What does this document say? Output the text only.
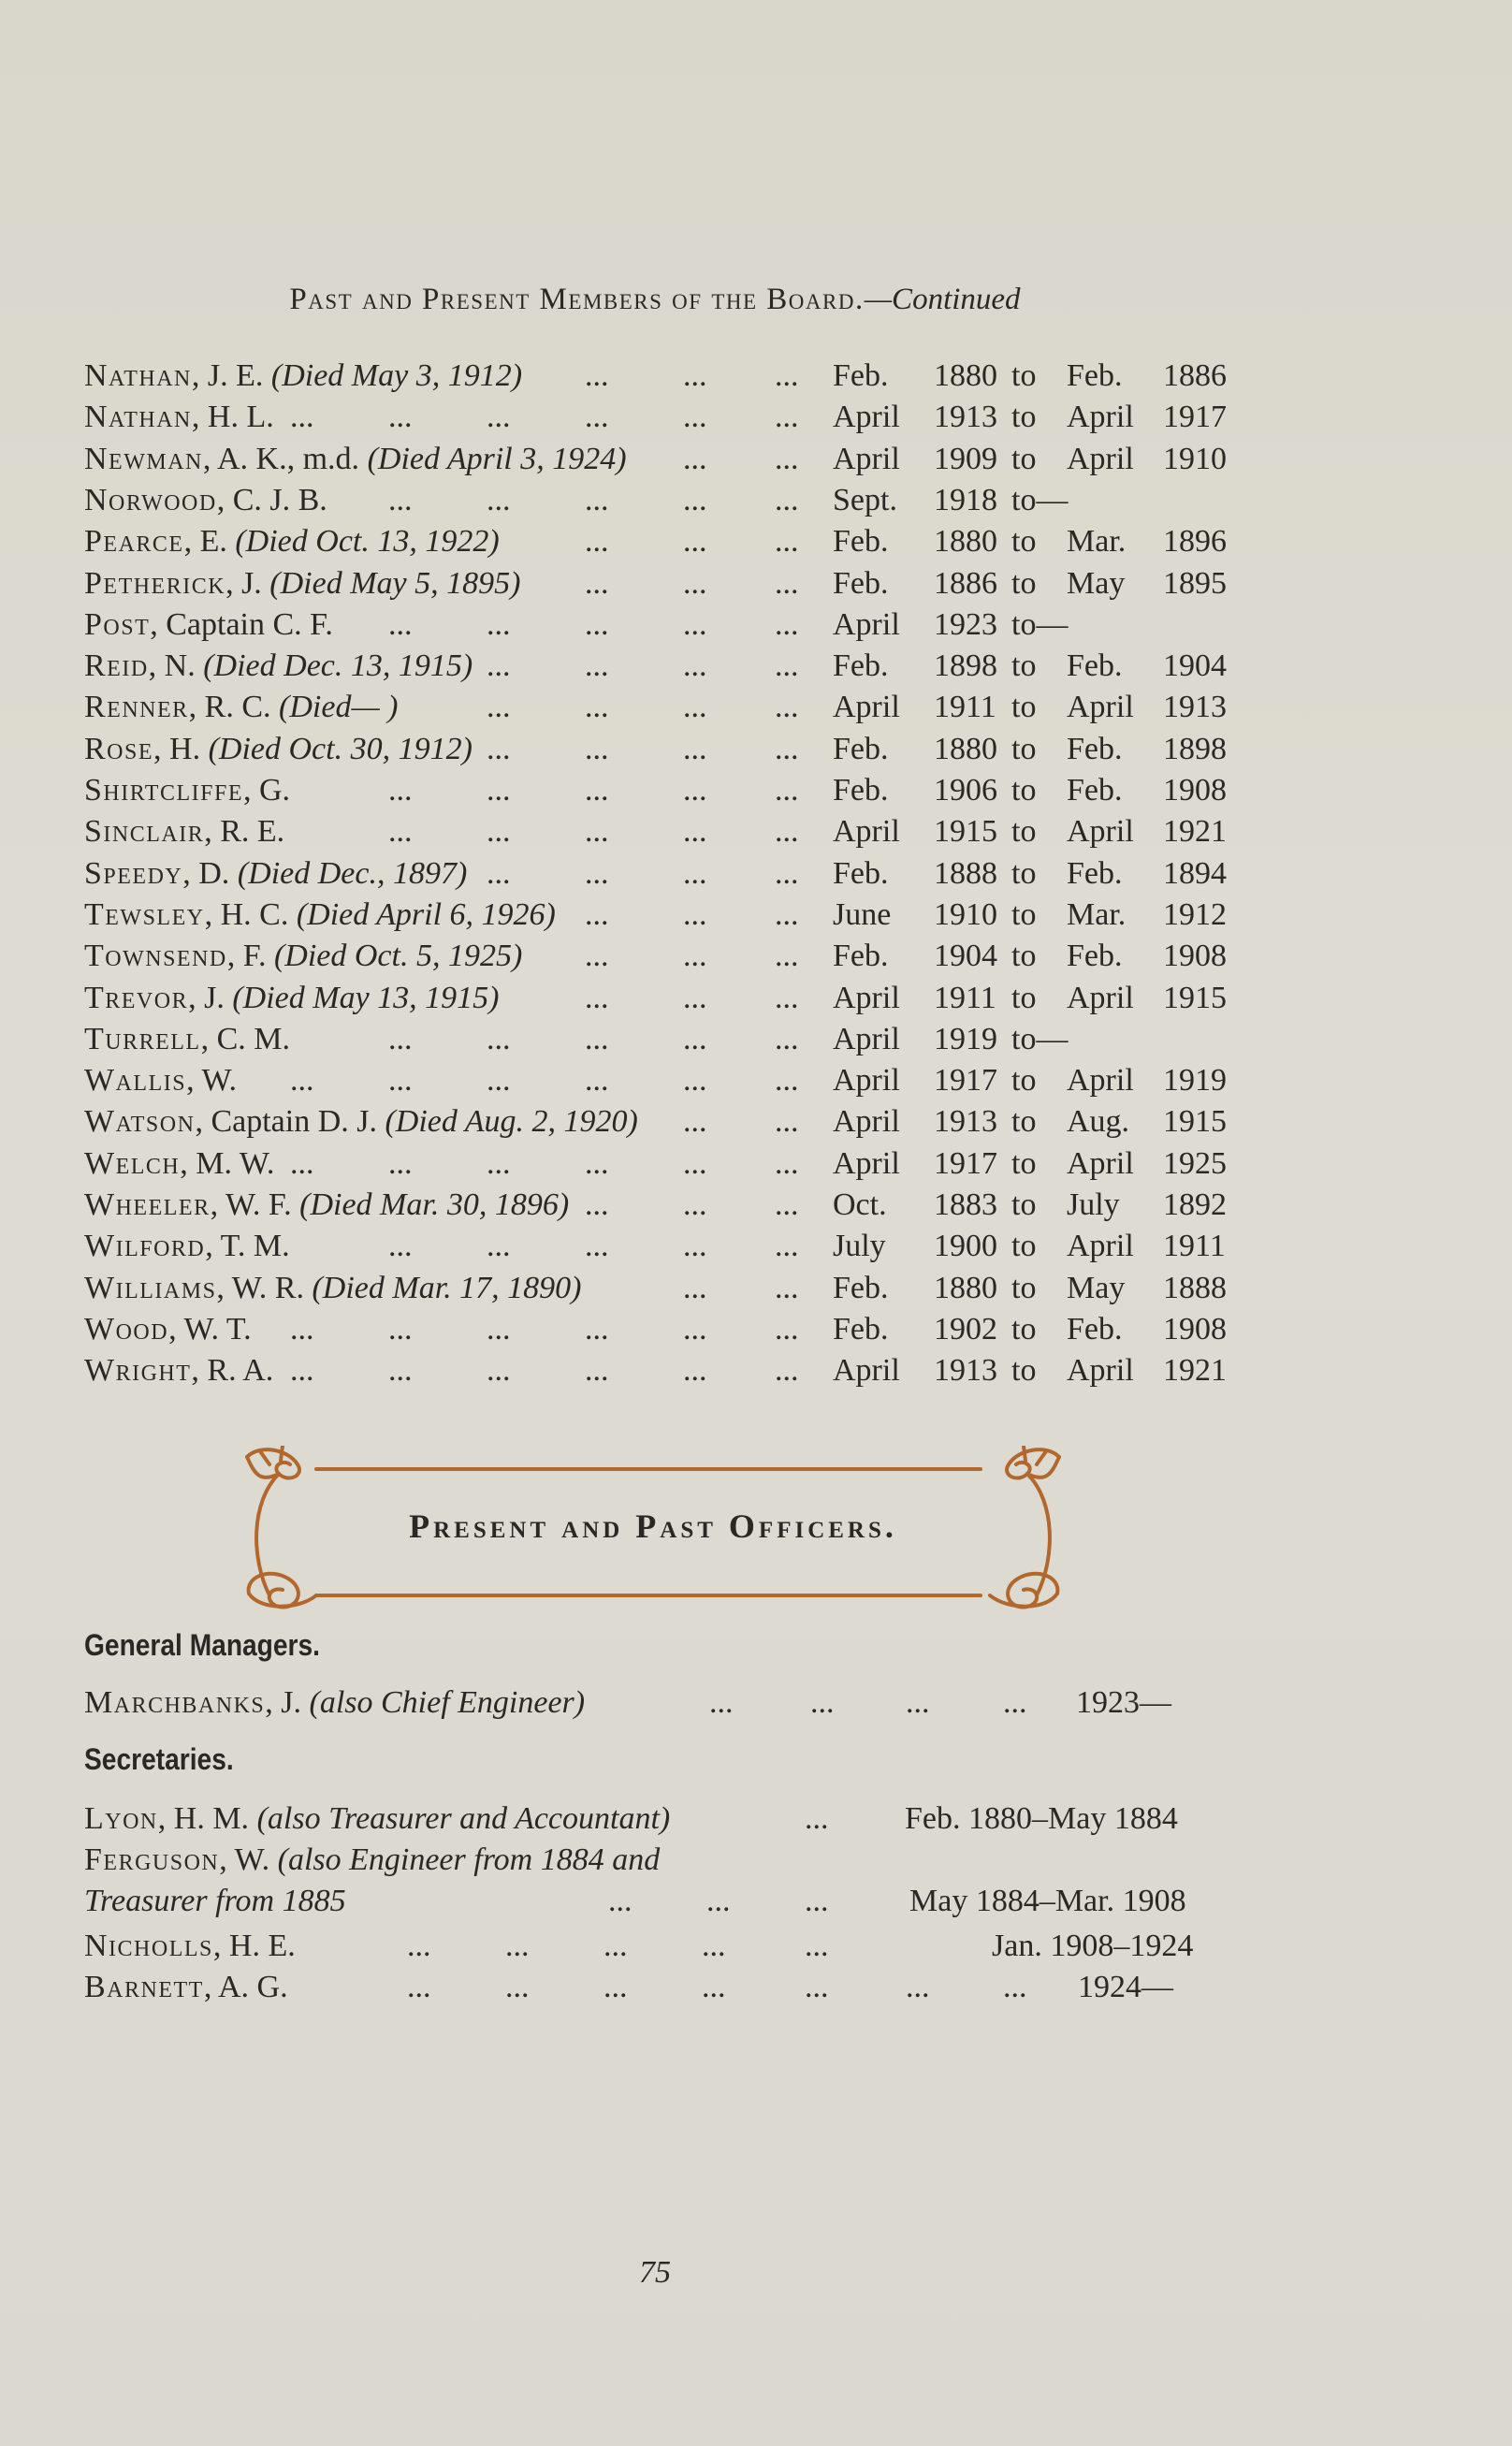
Past and Present Members of the Board.—Continued
Nathan, J. E. (Died May 3, 1912) ... ... ... Feb. 1880 to Feb. 1886
Nathan, H. L. ... ... ... ... ... ... April 1913 to April 1917
Newman, A. K., m.d. (Died April 3, 1924) ... ... April 1909 to April 1910
Norwood, C. J. B. ... ... ... ... ... Sept. 1918 to—
Pearce, E. (Died Oct. 13, 1922)	... ... ... Feb. 1880 to Mar. 1896
Petherick, J. (Died May 5, 1895) ... ... ... Feb. 1886 to May 1895
Post, Captain C. F. ... ... ... ... ... April 1923 to—
Reid, N. (Died Dec. 13, 1915) ... ... ... ... Feb. 1898 to Feb. 1904
Renner, R. C. (Died— )	... ... ... ... April 1911 to April 1913
Rose, H. (Died Oct. 30, 1912) ... ... ... ... Feb. 1880 to Feb. 1898
Shirtcliffe, G.	... ... ... ... ... Feb. 1906 to Feb. 1908
Sinclair, R. E.	... ... ... ... ... April 1915 to April 1921
Speedy, D. (Died Dec., 1897) ... ... ... ... Feb. 1888 to Feb. 1894
Tewsley, H. C. (Died April 6, 1926) ... ... ... June 1910 to Mar. 1912
Townsend, F. (Died Oct. 5, 1925) ... ... ... Feb. 1904 to Feb. 1908
Trevor, J. (Died May 13, 1915)	... ... ... April 1911 to April 1915
Turrell, C. M.	... ... ... ... ... April 1919 to—
Wallis, W. ... ... ... ... ... ... April 1917 to April 1919
Watson, Captain D. J. (Died Aug. 2, 1920) ... ... April 1913 to Aug. 1915
Welch, M. W. ... ... ... ... ... ... April 1917 to April 1925
Wheeler, W. F. (Died Mar. 30, 1896) ... ... ... Oct. 1883 to July 1892
Wilford, T. M.	... ... ... ... ... July 1900 to April 1911
Williams, W. R. (Died Mar. 17, 1890)	... ... Feb. 1880 to May 1888
Wood, W. T. ... ... ... ... ... ... Feb. 1902 to Feb. 1908
Wright, R. A. ... ... ... ... ... ... April 1913 to April 1921
Present and Past Officers.
General Managers.
Marchbanks, J. (also Chief Engineer)	... ... ... ... 1923—
Secretaries.
Lyon, H. M. (also Treasurer and Accountant)	... Feb. 1880–May 1884
Ferguson, W. (also Engineer from 1884 and
Treasurer from 1885	... ... ...	May 1884–Mar. 1908
Nicholls, H. E.	... ... ... ... ...	Jan. 1908–1924
Barnett, A. G.	... ... ... ... ... ... ... 1924—
75
